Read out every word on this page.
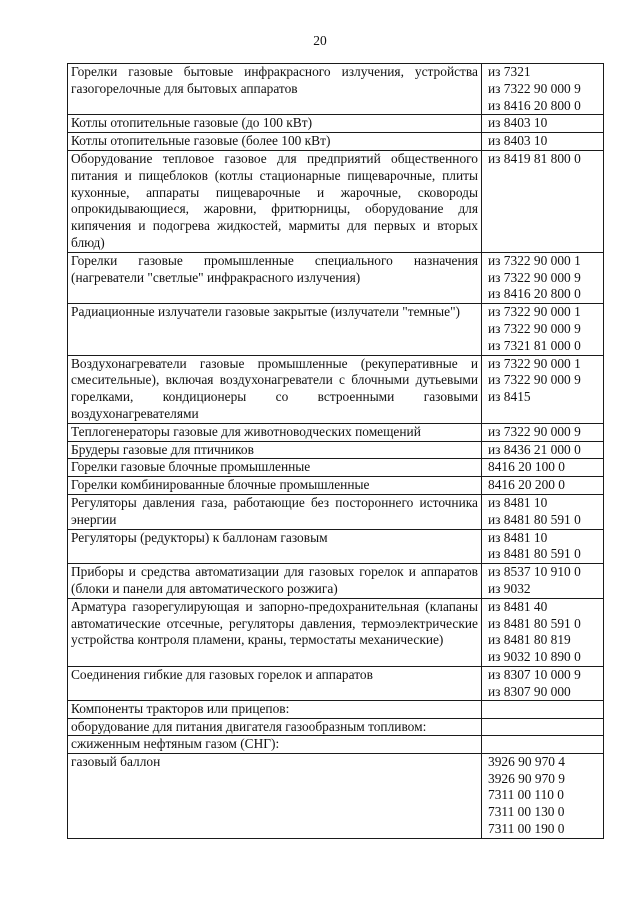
20
Горелки газовые бытовые инфракрасного излучения, устройства газогорелочные для бытовых аппаратов	из 7321
из 7322 90 000 9
из 8416 20 800 0

Котлы отопительные газовые (до 100 кВт)	из 8403 10

Котлы отопительные газовые (более 100 кВт)	из 8403 10

Оборудование тепловое газовое для предприятий общественного питания и пищеблоков (котлы стационарные пищеварочные, плиты кухонные, аппараты пищеварочные и жарочные, сковороды опрокидывающиеся, жаровни, фритюрницы, оборудование для кипячения и подогрева жидкостей, мармиты для первых и вторых блюд)	из 8419 81 800 0

Горелки газовые промышленные специального назначения (нагреватели "светлые" инфракрасного излучения)	из 7322 90 000 1
из 7322 90 000 9
из 8416 20 800 0

Радиационные излучатели газовые закрытые (излучатели "темные")	из 7322 90 000 1
из 7322 90 000 9
из 7321 81 000 0

Воздухонагреватели газовые промышленные (рекуперативные и смесительные), включая воздухонагреватели с блочными дутьевыми горелками, кондиционеры со встроенными газовыми воздухонагревателями	из 7322 90 000 1
из 7322 90 000 9
из 8415

Теплогенераторы газовые для животноводческих помещений	из 7322 90 000 9

Брудеры газовые для птичников	из 8436 21 000 0

Горелки газовые блочные промышленные	8416 20 100 0

Горелки комбинированные блочные промышленные	8416 20 200 0

Регуляторы давления газа, работающие без постороннего источника энергии	из 8481 10
из 8481 80 591 0

Регуляторы (редукторы) к баллонам газовым	из 8481 10
из 8481 80 591 0

Приборы и средства автоматизации для газовых горелок и аппаратов (блоки и панели для автоматического розжига)	из 8537 10 910 0
из 9032

Арматура газорегулирующая и запорно-предохранительная (клапаны автоматические отсечные, регуляторы давления, термоэлектрические устройства контроля пламени, краны, термостаты механические)	из 8481 40
из 8481 80 591 0
из 8481 80 819
из 9032 10 890 0

Соединения гибкие для газовых горелок и аппаратов	из 8307 10 000 9
из 8307 90 000

Компоненты тракторов или прицепов:	
оборудование для питания двигателя газообразным топливом:	
сжиженным нефтяным газом (СНГ):	
газовый баллон	3926 90 970 4
3926 90 970 9
7311 00 110 0
7311 00 130 0
7311 00 190 0
